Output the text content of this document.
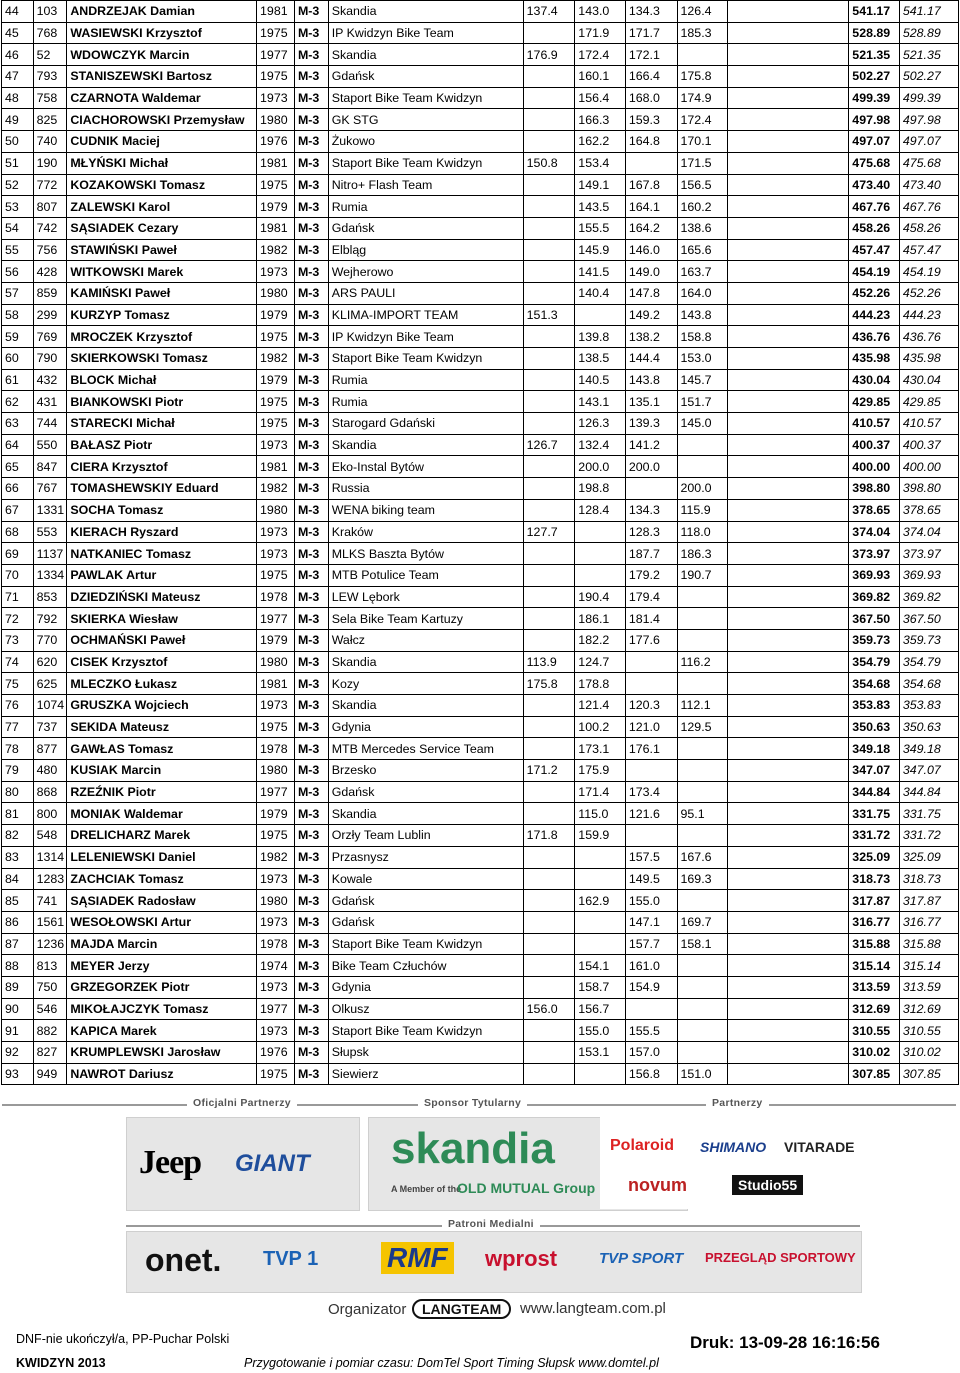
44	103	ANDRZEJAK Damian	1981	M-3	Skandia	137.4	143.0	134.3	126.4		541.17	541.17
45	768	WASIEWSKI Krzysztof	1975	M-3	IP Kwidzyn Bike Team		171.9	171.7	185.3		528.89	528.89
46	52	WDOWCZYK Marcin	1977	M-3	Skandia	176.9	172.4	172.1			521.35	521.35
47	793	STANISZEWSKI Bartosz	1975	M-3	Gdańsk		160.1	166.4	175.8		502.27	502.27
48	758	CZARNOTA Waldemar	1973	M-3	Staport Bike Team Kwidzyn		156.4	168.0	174.9		499.39	499.39
49	825	CIACHOROWSKI Przemysław	1980	M-3	GK STG		166.3	159.3	172.4		497.98	497.98
50	740	CUDNIK Maciej	1976	M-3	Żukowo		162.2	164.8	170.1		497.07	497.07
51	190	MŁYŃSKI Michał	1981	M-3	Staport Bike Team Kwidzyn	150.8	153.4		171.5		475.68	475.68
52	772	KOZAKOWSKI Tomasz	1975	M-3	Nitro+ Flash Team		149.1	167.8	156.5		473.40	473.40
53	807	ZALEWSKI Karol	1979	M-3	Rumia		143.5	164.1	160.2		467.76	467.76
54	742	SĄSIADEK Cezary	1981	M-3	Gdańsk		155.5	164.2	138.6		458.26	458.26
55	756	STAWIŃSKI Paweł	1982	M-3	Elbląg		145.9	146.0	165.6		457.47	457.47
56	428	WITKOWSKI Marek	1973	M-3	Wejherowo		141.5	149.0	163.7		454.19	454.19
57	859	KAMIŃSKI Paweł	1980	M-3	ARS PAULI		140.4	147.8	164.0		452.26	452.26
58	299	KURZYP Tomasz	1979	M-3	KLIMA-IMPORT TEAM	151.3		149.2	143.8		444.23	444.23
59	769	MROCZEK Krzysztof	1975	M-3	IP Kwidzyn Bike Team		139.8	138.2	158.8		436.76	436.76
60	790	SKIERKOWSKI Tomasz	1982	M-3	Staport Bike Team Kwidzyn		138.5	144.4	153.0		435.98	435.98
61	432	BLOCK Michał	1979	M-3	Rumia		140.5	143.8	145.7		430.04	430.04
62	431	BIANKOWSKI Piotr	1975	M-3	Rumia		143.1	135.1	151.7		429.85	429.85
63	744	STARECKI Michał	1975	M-3	Starogard Gdański		126.3	139.3	145.0		410.57	410.57
64	550	BAŁASZ Piotr	1973	M-3	Skandia	126.7	132.4	141.2			400.37	400.37
65	847	CIERA Krzysztof	1981	M-3	Eko-Instal Bytów		200.0	200.0			400.00	400.00
66	767	TOMASHEWSKIY Eduard	1982	M-3	Russia		198.8		200.0		398.80	398.80
67	1331	SOCHA Tomasz	1980	M-3	WENA biking team		128.4	134.3	115.9		378.65	378.65
68	553	KIERACH Ryszard	1973	M-3	Kraków	127.7		128.3	118.0		374.04	374.04
69	1137	NATKANIEC Tomasz	1973	M-3	MLKS Baszta Bytów			187.7	186.3		373.97	373.97
70	1334	PAWLAK Artur	1975	M-3	MTB Potulice Team			179.2	190.7		369.93	369.93
71	853	DZIEDZIŃSKI Mateusz	1978	M-3	LEW Lębork		190.4	179.4			369.82	369.82
72	792	SKIERKA Wiesław	1977	M-3	Sela Bike Team Kartuzy		186.1	181.4			367.50	367.50
73	770	OCHMAŃSKI Paweł	1979	M-3	Wałcz		182.2	177.6			359.73	359.73
74	620	CISEK Krzysztof	1980	M-3	Skandia	113.9	124.7		116.2		354.79	354.79
75	625	MLECZKO Łukasz	1981	M-3	Kozy	175.8	178.8				354.68	354.68
76	1074	GRUSZKA Wojciech	1973	M-3	Skandia		121.4	120.3	112.1		353.83	353.83
77	737	SEKIDA Mateusz	1975	M-3	Gdynia		100.2	121.0	129.5		350.63	350.63
78	877	GAWŁAS Tomasz	1978	M-3	MTB Mercedes Service Team		173.1	176.1			349.18	349.18
79	480	KUSIAK Marcin	1980	M-3	Brzesko	171.2	175.9				347.07	347.07
80	868	RZEŹNIK Piotr	1977	M-3	Gdańsk		171.4	173.4			344.84	344.84
81	800	MONIAK Waldemar	1979	M-3	Skandia		115.0	121.6	95.1		331.75	331.75
82	548	DRELICHARZ Marek	1975	M-3	Orzły Team Lublin	171.8	159.9				331.72	331.72
83	1314	LELENIEWSKI Daniel	1982	M-3	Przasnysz			157.5	167.6		325.09	325.09
84	1283	ZACHCIAK Tomasz	1973	M-3	Kowale			149.5	169.3		318.73	318.73
85	741	SĄSIADEK Radosław	1980	M-3	Gdańsk		162.9	155.0			317.87	317.87
86	1561	WESOŁOWSKI Artur	1973	M-3	Gdańsk			147.1	169.7		316.77	316.77
87	1236	MAJDA Marcin	1978	M-3	Staport Bike Team Kwidzyn			157.7	158.1		315.88	315.88
88	813	MEYER Jerzy	1974	M-3	Bike Team Człuchów		154.1	161.0			315.14	315.14
89	750	GRZEGORZEK Piotr	1973	M-3	Gdynia		158.7	154.9			313.59	313.59
90	546	MIKOŁAJCZYK Tomasz	1977	M-3	Olkusz	156.0	156.7				312.69	312.69
91	882	KAPICA Marek	1973	M-3	Staport Bike Team Kwidzyn		155.0	155.5			310.55	310.55
92	827	KRUMPLEWSKI Jarosław	1976	M-3	Słupsk		153.1	157.0			310.02	310.02
93	949	NAWROT Dariusz	1975	M-3	Siewierz			156.8	151.0		307.85	307.85
Oficjalni Partnerzy	Sponsor Tytularny	Partnerzy
Jeep GIANT skandia
A Member of the
OLD MUTUAL Group
Polaroid SHIMANO VITARADE
novum	Studio55
Patroni Medialni
onet. TVP 1 RMF wprost	TVP SPORT PRZEGLĄD SPORTOWY
Organizator	LANGTEAM	www.langteam.com.pl
DNF-nie ukończył/a, PP-Puchar Polski
KWIDZYN 2013
Druk: 13-09-28 16:16:56
Przygotowanie i pomiar czasu: DomTel Sport Timing Słupsk www.domtel.pl
